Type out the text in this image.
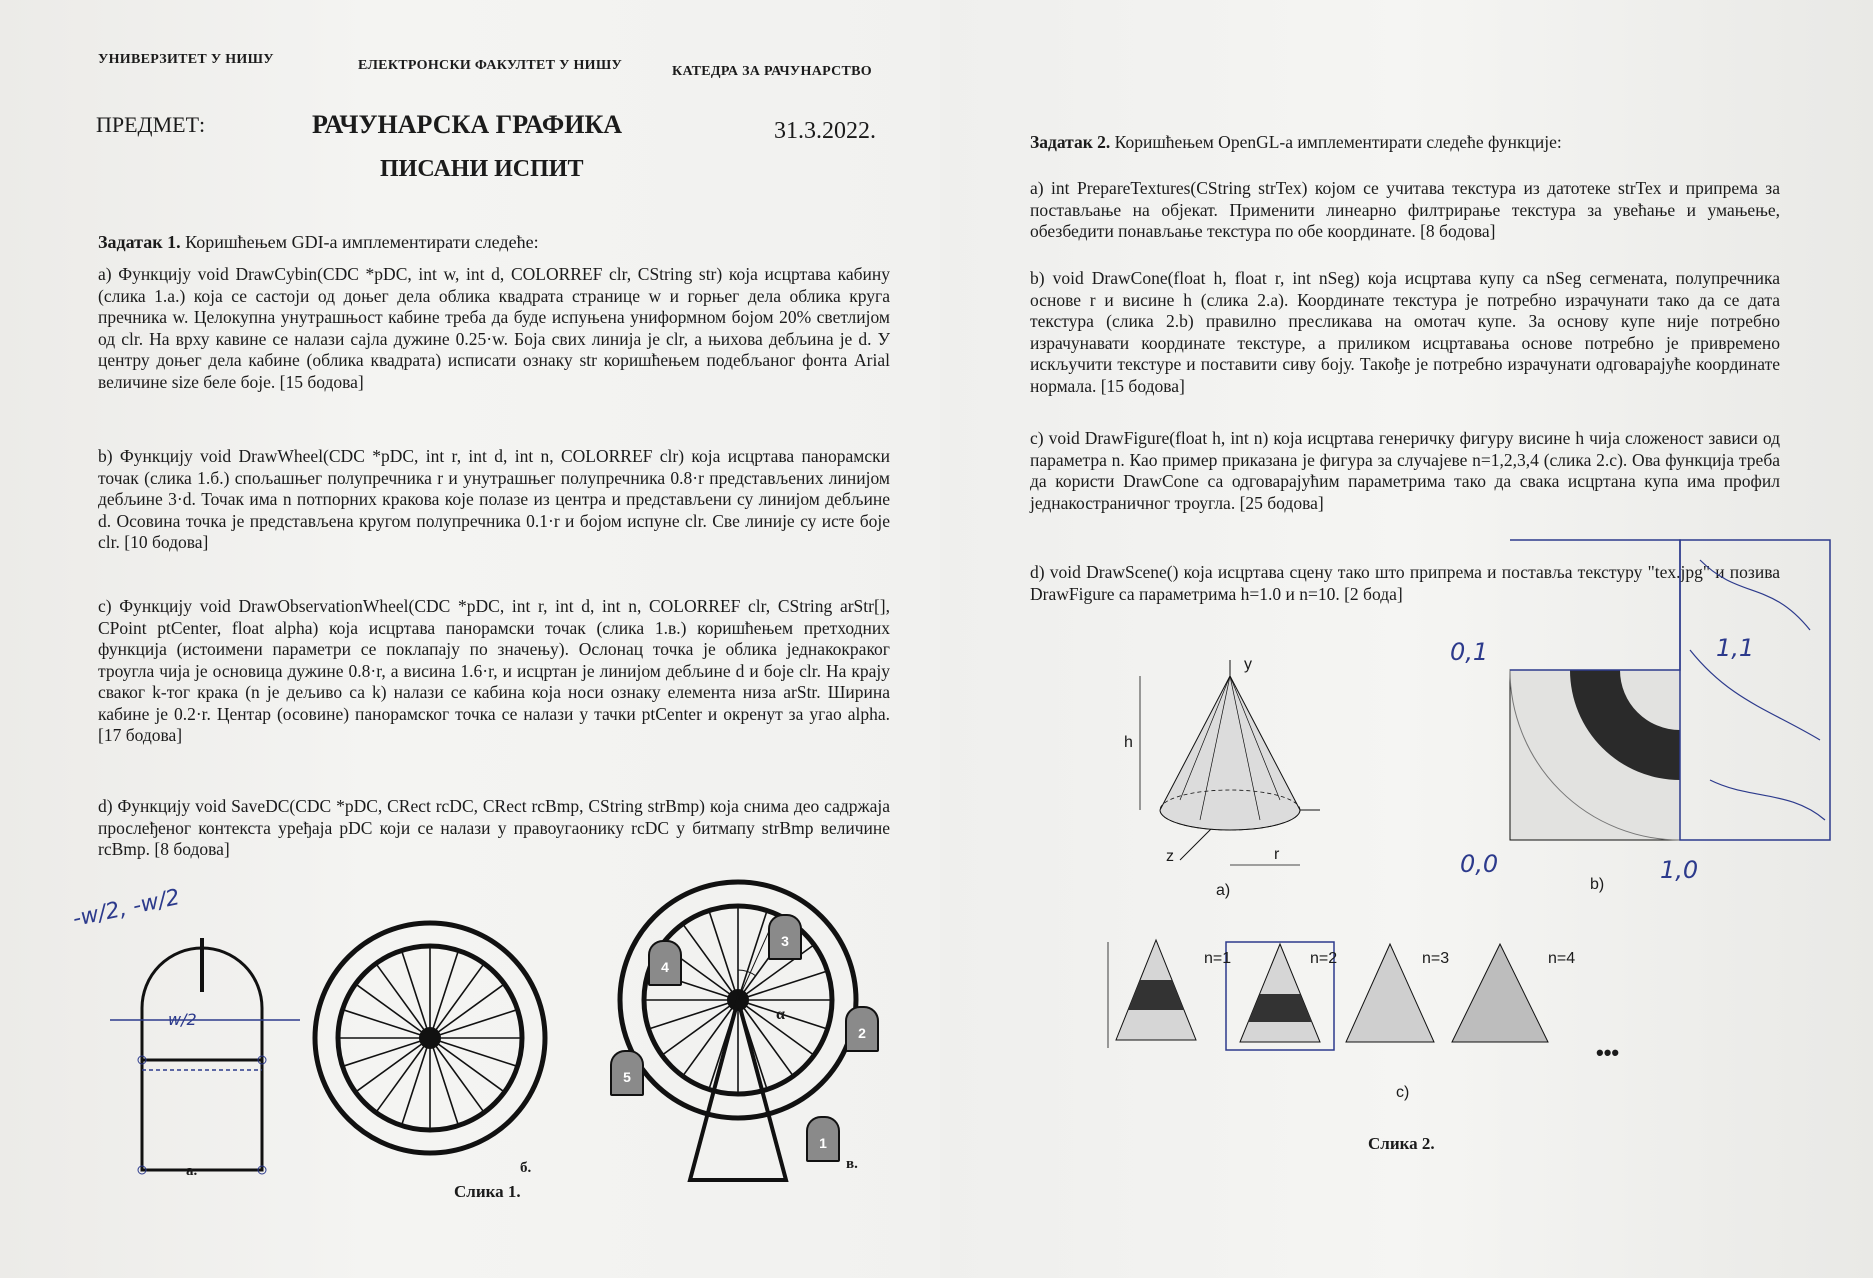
УНИВЕРЗИТЕТ У НИШУ	ЕЛЕКТРОНСКИ ФАКУЛТЕТ У НИШУ	КАТЕДРА ЗА РАЧУНАРСТВО
ПРЕДМЕТ:	РАЧУНАРСКА ГРАФИКА
ПИСАНИ ИСПИТ
31.3.2022.
Задатак 1. Коришћењем GDI-а имплементирати следеће:
a) Функцију void DrawCybin(CDC *pDC, int w, int d, COLORREF clr, CString str) која исцртава кабину (слика 1.а.) која се састоји од доњег дела облика квадрата странице w и горњег дела облика круга пречника w. Целокупна унутрашњост кабине треба да буде испуњена униформном бојом 20% светлијом од clr. На врху кавине се налази сајла дужине 0.25·w. Боја свих линија је clr, а њихова дебљина је d. У центру доњег дела кабине (облика квадрата) исписати ознаку str коришћењем подебљаног фонта Arial величине size беле боје. [15 бодова]
b) Функцију void DrawWheel(CDC *pDC, int r, int d, int n, COLORREF clr) која исцртава панорамски точак (слика 1.б.) спољашњег полупречника r и унутрашњег полупречника 0.8·r представљених линијом дебљине 3·d. Точак има n потпорних кракова које полазе из центра и представљени су линијом дебљине d. Осовина точка је представљена кругом полупречника 0.1·r и бојом испуне clr. Све линије су исте боје clr. [10 бодова]
c) Функцију void DrawObservationWheel(CDC *pDC, int r, int d, int n, COLORREF clr, CString arStr[], CPoint ptCenter, float alpha) која исцртава панорамски точак (слика 1.в.) коришћењем претходних функција (истоимени параметри се поклапају по значењу). Ослонац точка је облика једнакокраког троугла чија је основица дужине 0.8·r, а висина 1.6·r, и исцртан је линијом дебљине d и боје clr. На крају сваког k-тог крака (n је дељиво са k) налази се кабина која носи ознаку елемента низа arStr. Ширина кабине је 0.2·r. Центар (осовине) панорамског точка се налази у тачки ptCenter и окренут за угао alpha. [17 бодова]
d) Функцију void SaveDC(CDC *pDC, CRect rcDC, CRect rcBmp, CString strBmp) која снима део садржаја прослеђеног контекста уређаја pDC који се налази у правоугаонику rcDC у битмапу strBmp величине rcBmp. [8 бодова]
-w/2, -w/2
w/2
а.	б.
α
3
4
2
5
1
в.
Слика 1.
Задатак 2. Коришћењем OpenGL-а имплементирати следеће функције:
a) int PrepareTextures(CString strTex) којом се учитава текстура из датотеке strTex и припрема за постављање на објекат. Применити линеарно филтрирање текстура за увећање и умањење, обезбедити понављање текстура по обе координате. [8 бодова]
b) void DrawCone(float h, float r, int nSeg) која исцртава купу са nSeg сегмената, полупречника основе r и висине h (слика 2.а). Координате текстура је потребно израчунати тако да се дата текстура (слика 2.b) правилно пресликава на омотач купе. За основу купе није потребно израчунавати координате текстуре, а приликом исцртавања основе потребно је привремено искључити текстуре и поставити сиву боју. Такође је потребно израчунати одговарајуће координате нормала. [15 бодова]
c) void DrawFigure(float h, int n) која исцртава генеричку фигуру висине h чија сложеност зависи од параметра n. Као пример приказана је фигура за случајеве n=1,2,3,4 (слика 2.c). Ова функција треба да користи DrawCone са одговарајућим параметрима тако да свака исцртана купа има профил једнакостраничног троугла. [25 бодова]
d) void DrawScene() која исцртава сцену тако што припрема и поставља текстуру "tex.jpg" и позива DrawFigure са параметрима h=1.0 и n=10. [2 бода]
y
z
h
r
a)
0,1
0,0	1,0
1,1
b)
n=1	n=2	n=3	n=4
•••
c)
Слика 2.
